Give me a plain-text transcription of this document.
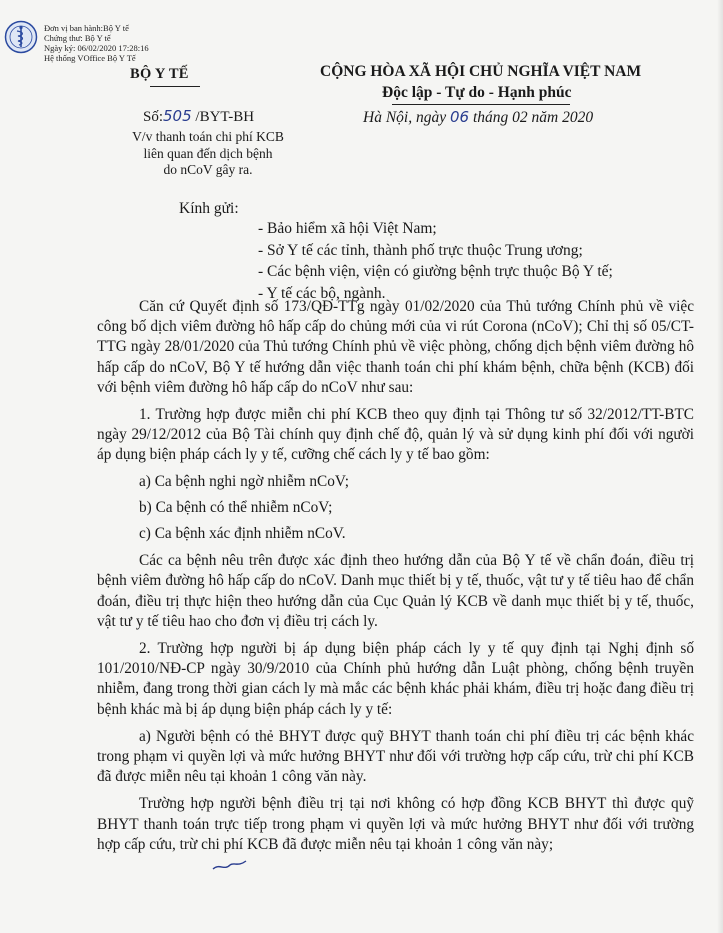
Đơn vị ban hành:Bộ Y tế
Chứng thư: Bộ Y tế
Ngày ký: 06/02/2020 17:28:16
Hệ thống VOffice Bộ Y Tế
BỘ Y TẾ	CỘNG HÒA XÃ HỘI CHỦ NGHĨA VIỆT NAM
Độc lập - Tự do - Hạnh phúc
Số:505 /BYT-BH	Hà Nội, ngày 06 tháng 02 năm 2020
V/v thanh toán chi phí KCB
liên quan đến dịch bệnh
do nCoV gây ra.
Kính gửi:
- Bảo hiểm xã hội Việt Nam;
- Sở Y tế các tỉnh, thành phố trực thuộc Trung ương;
- Các bệnh viện, viện có giường bệnh trực thuộc Bộ Y tế;
- Y tế các bộ, ngành.

Căn cứ Quyết định số 173/QĐ-TTg ngày 01/02/2020 của Thủ tướng Chính phủ về việc công bố dịch viêm đường hô hấp cấp do chủng mới của vi rút Corona (nCoV); Chỉ thị số 05/CT-TTG ngày 28/01/2020 của Thủ tướng Chính phủ về việc phòng, chống dịch bệnh viêm đường hô hấp cấp do nCoV, Bộ Y tế hướng dẫn việc thanh toán chi phí khám bệnh, chữa bệnh (KCB) đối với bệnh viêm đường hô hấp cấp do nCoV như sau:

1. Trường hợp được miễn chi phí KCB theo quy định tại Thông tư số 32/2012/TT-BTC ngày 29/12/2012 của Bộ Tài chính quy định chế độ, quản lý và sử dụng kinh phí đối với người áp dụng biện pháp cách ly y tế, cưỡng chế cách ly y tế bao gồm:

a) Ca bệnh nghi ngờ nhiễm nCoV;

b) Ca bệnh có thể nhiễm nCoV;

c) Ca bệnh xác định nhiễm nCoV.

Các ca bệnh nêu trên được xác định theo hướng dẫn của Bộ Y tế về chẩn đoán, điều trị bệnh viêm đường hô hấp cấp do nCoV. Danh mục thiết bị y tế, thuốc, vật tư y tế tiêu hao để chẩn đoán, điều trị thực hiện theo hướng dẫn của Cục Quản lý KCB về danh mục thiết bị y tế, thuốc, vật tư y tế tiêu hao cho đơn vị điều trị cách ly.

2. Trường hợp người bị áp dụng biện pháp cách ly y tế quy định tại Nghị định số 101/2010/NĐ-CP ngày 30/9/2010 của Chính phủ hướng dẫn Luật phòng, chống bệnh truyền nhiễm, đang trong thời gian cách ly mà mắc các bệnh khác phải khám, điều trị hoặc đang điều trị bệnh khác mà bị áp dụng biện pháp cách ly y tế:

a) Người bệnh có thẻ BHYT được quỹ BHYT thanh toán chi phí điều trị các bệnh khác trong phạm vi quyền lợi và mức hưởng BHYT như đối với trường hợp cấp cứu, trừ chi phí KCB đã được miễn nêu tại khoản 1 công văn này.

Trường hợp người bệnh điều trị tại nơi không có hợp đồng KCB BHYT thì được quỹ BHYT thanh toán trực tiếp trong phạm vi quyền lợi và mức hưởng BHYT như đối với trường hợp cấp cứu, trừ chi phí KCB đã được miễn nêu tại khoản 1 công văn này;
